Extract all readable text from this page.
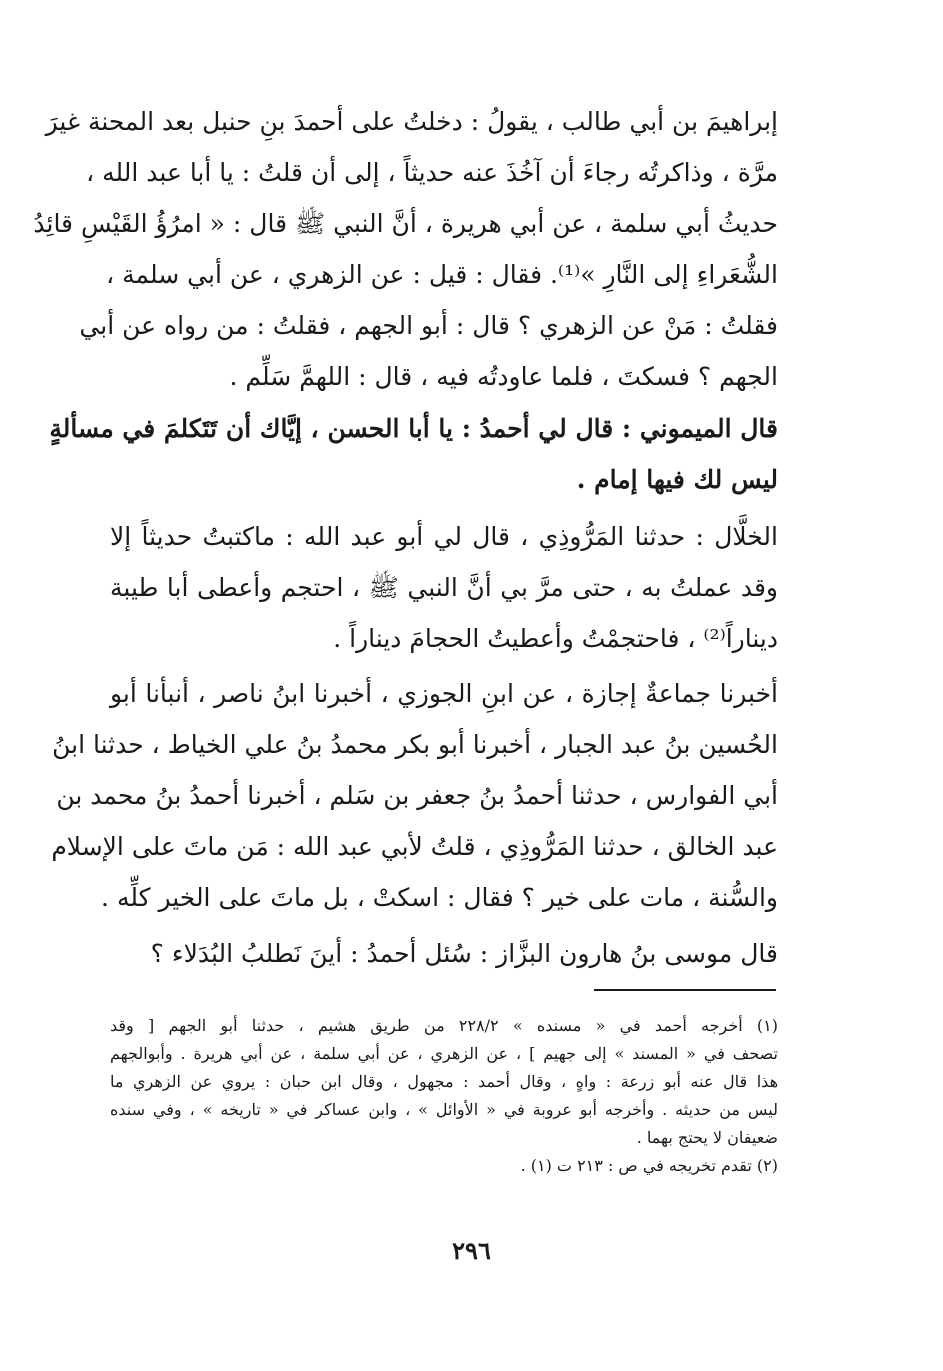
إبراهيمَ بن أبي طالب ، يقولُ : دخلتُ على أحمدَ بنِ حنبل بعد المحنة غيرَ
مرَّة ، وذاكرتُه رجاءَ أن آخُذَ عنه حديثاً ، إلى أن قلتُ : يا أبا عبد الله ،
حديثُ أبي سلمة ، عن أبي هريرة ، أنَّ النبي ﷺ قال : « امرُؤُ القَيْسِ قائِدُ
الشُّعَراءِ إلى النَّارِ »⁽¹⁾. فقال : قيل : عن الزهري ، عن أبي سلمة ،
فقلتُ : مَنْ عن الزهري ؟ قال : أبو الجهم ، فقلتُ : من رواه عن أبي
الجهم ؟ فسكتَ ، فلما عاودتُه فيه ، قال : اللهمَّ سَلِّم .
قال الميموني : قال لي أحمدُ : يا أبا الحسن ، إيَّاك أن تَتَكلمَ في مسألةٍ
ليس لك فيها إمام .
الخلَّال : حدثنا المَرُّوذِي ، قال لي أبو عبد الله : ماكتبتُ حديثاً إلا
وقد عملتُ به ، حتى مرَّ بي أنَّ النبي ﷺ ، احتجم وأعطى أبا طيبة
ديناراً⁽²⁾ ، فاحتجمْتُ وأعطيتُ الحجامَ ديناراً .
أخبرنا جماعةٌ إجازة ، عن ابنِ الجوزي ، أخبرنا ابنُ ناصر ، أنبأنا أبو
الحُسين بنُ عبد الجبار ، أخبرنا أبو بكر محمدُ بنُ علي الخياط ، حدثنا ابنُ
أبي الفوارس ، حدثنا أحمدُ بنُ جعفر بن سَلم ، أخبرنا أحمدُ بنُ محمد بن
عبد الخالق ، حدثنا المَرُّوذِي ، قلتُ لأبي عبد الله : مَن ماتَ على الإسلام
والسُّنة ، مات على خير ؟ فقال : اسكتْ ، بل ماتَ على الخير كلِّه .
قال موسى بنُ هارون البزَّاز : سُئل أحمدُ : أينَ نَطلبُ البُدَلاء ؟
(١) أخرجه أحمد في « مسنده » ٢٢٨/٢ من طريق هشيم ، حدثنا أبو الجهم [ وقد
تصحف في « المسند » إلى جهيم ] ، عن الزهري ، عن أبي سلمة ، عن أبي هريرة . وأبوالجهم
هذا قال عنه أبو زرعة : واهٍ ، وقال أحمد : مجهول ، وقال ابن حبان : يروي عن الزهري ما
ليس من حديثه . وأخرجه أبو عروبة في « الأوائل » ، وابن عساكر في « تاريخه » ، وفي سنده
ضعيفان لا يحتج بهما .
(٢) تقدم تخريجه في ص : ٢١٣ ت (١) .
٢٩٦
